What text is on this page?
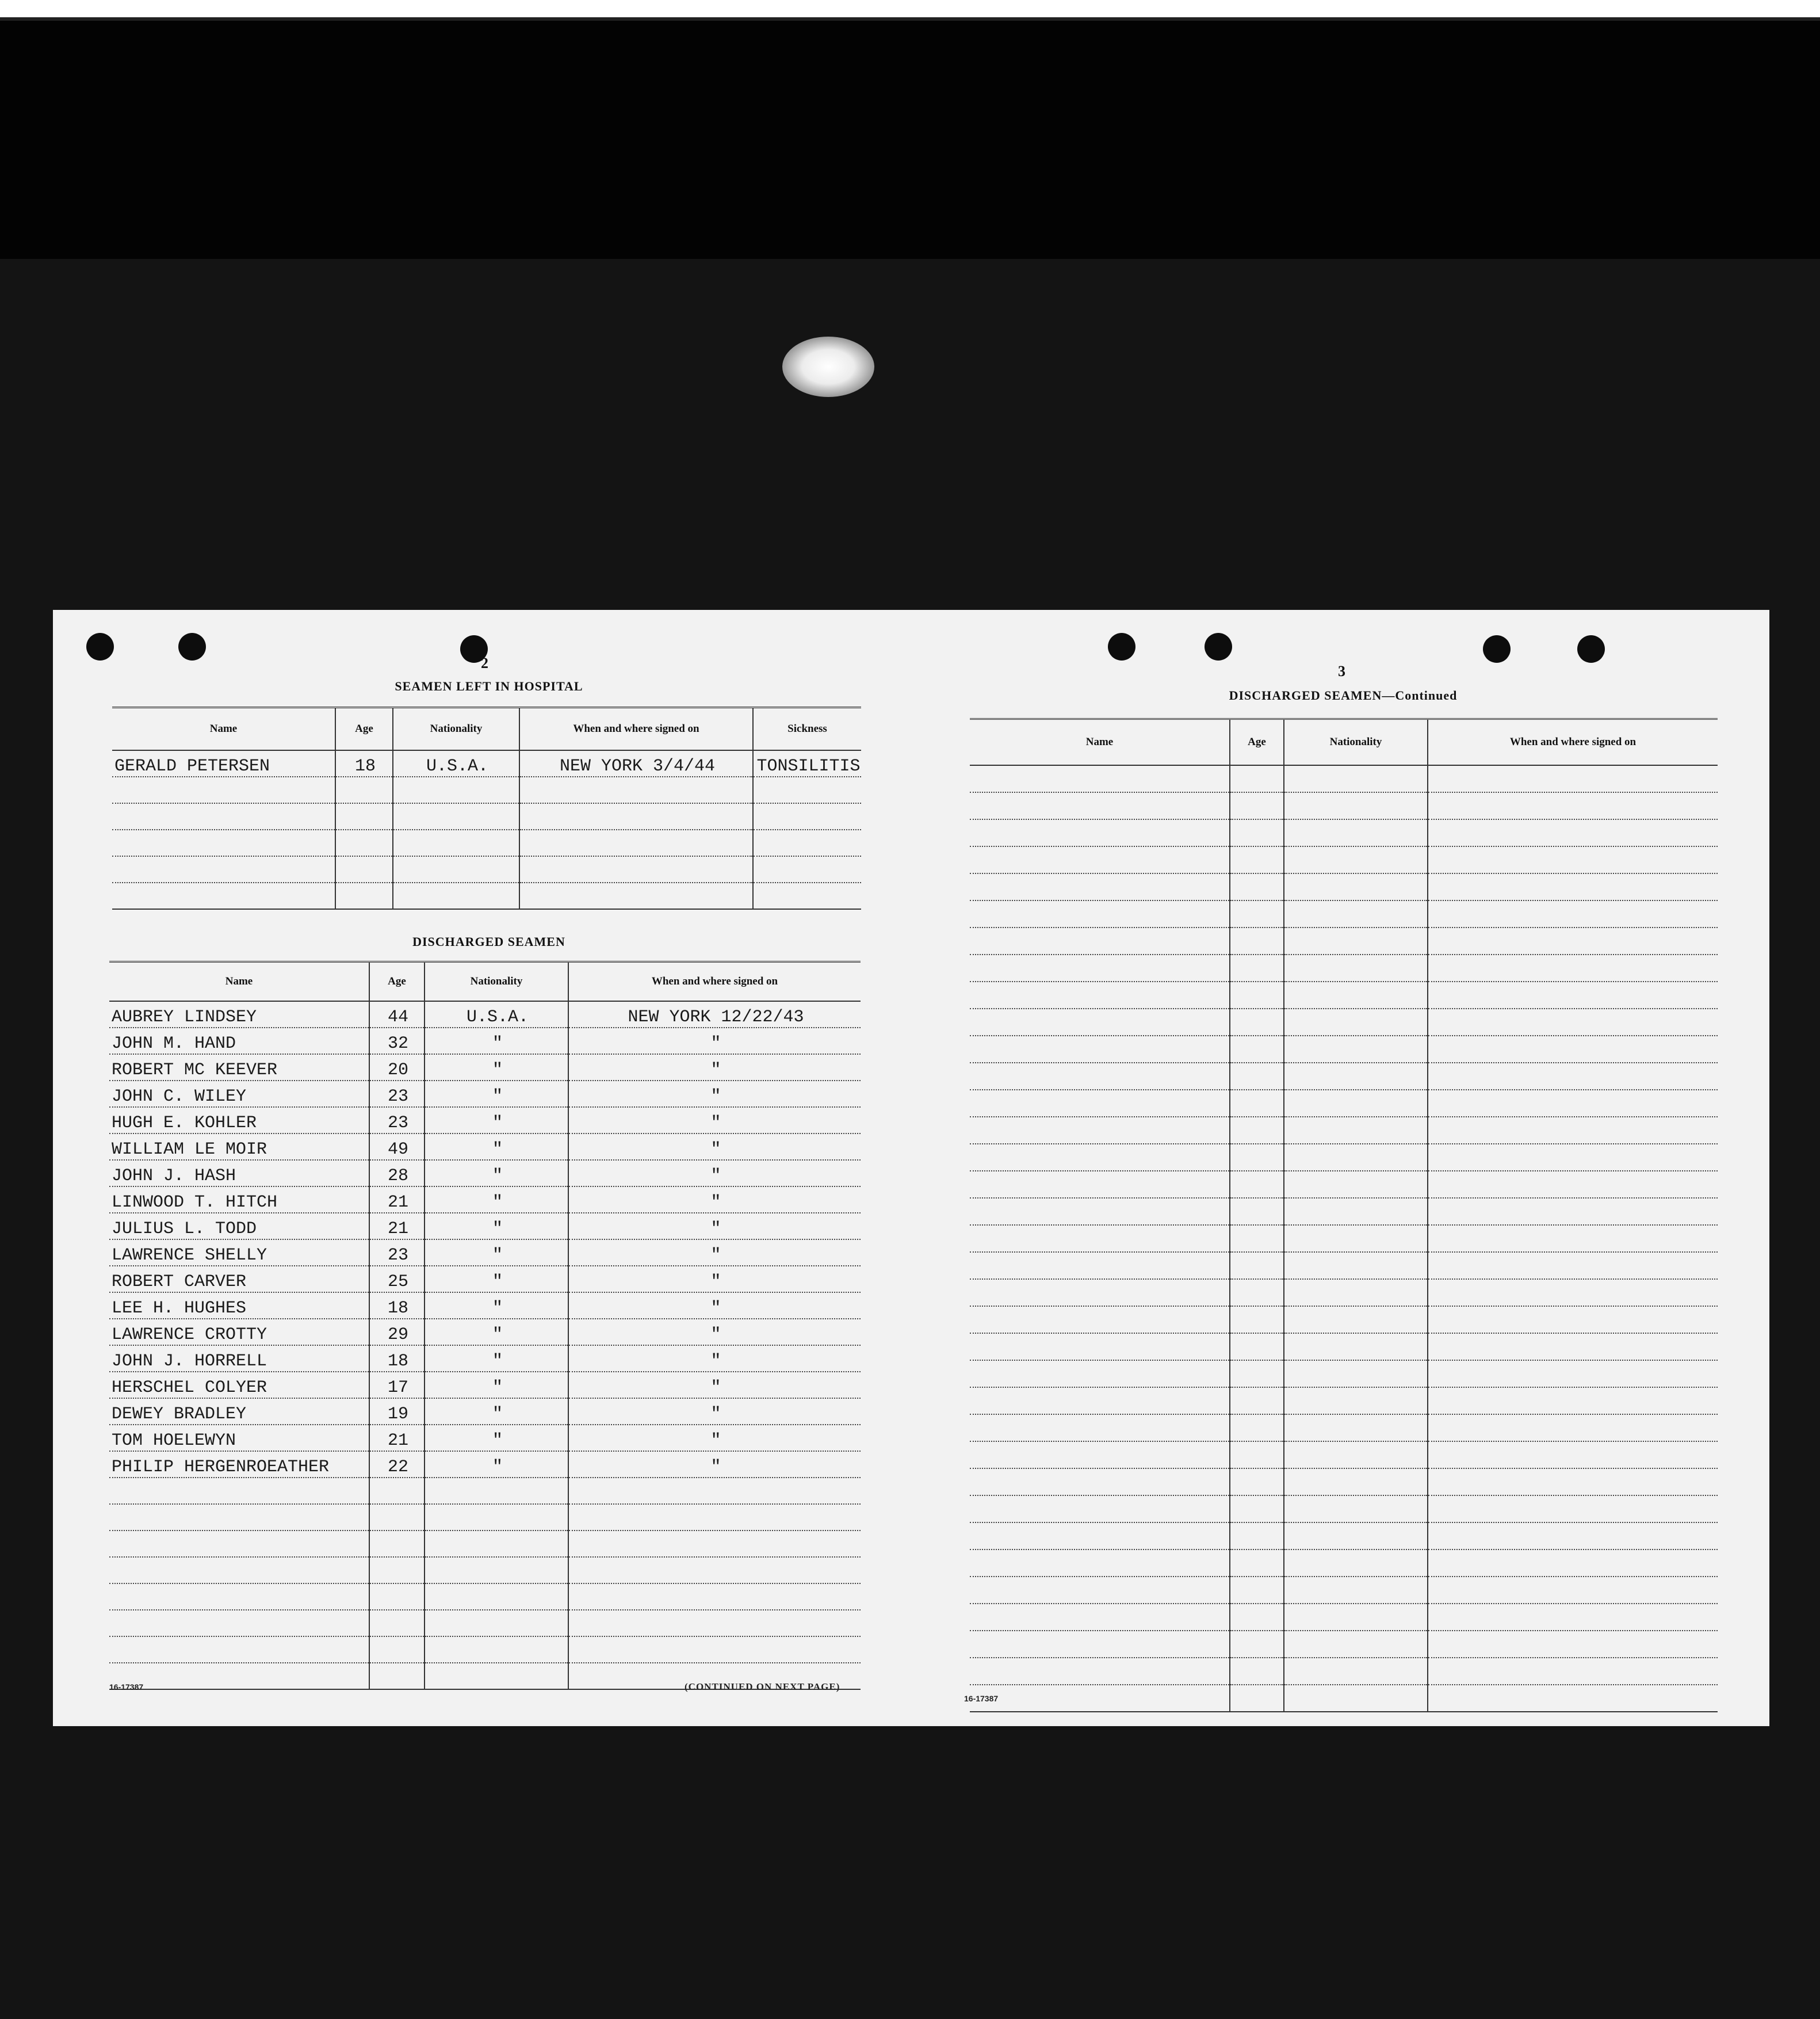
2
SEAMEN LEFT IN HOSPITAL
Name	Age	Nationality	When and where signed on	Sickness
GERALD PETERSEN	18	U.S.A.	NEW YORK 3/4/44	TONSILITIS

DISCHARGED SEAMEN
Name	Age	Nationality	When and where signed on
AUBREY LINDSEY	44	U.S.A.	NEW YORK 12/22/43
JOHN M. HAND	32	"	"
ROBERT MC KEEVER	20	"	"
JOHN C. WILEY	23	"	"
HUGH E. KOHLER	23	"	"
WILLIAM LE MOIR	49	"	"
JOHN J. HASH	28	"	"
LINWOOD T. HITCH	21	"	"
JULIUS L. TODD	21	"	"
LAWRENCE SHELLY	23	"	"
ROBERT CARVER	25	"	"
LEE H. HUGHES	18	"	"
LAWRENCE CROTTY	29	"	"
JOHN J. HORRELL	18	"	"
HERSCHEL COLYER	17	"	"
DEWEY BRADLEY	19	"	"
TOM HOELEWYN	21	"	"
PHILIP HERGENROEATHER	22	"	"

16-17387	(CONTINUED ON NEXT PAGE)
3
DISCHARGED SEAMEN—Continued
Name	Age	Nationality	When and where signed on

16-17387
